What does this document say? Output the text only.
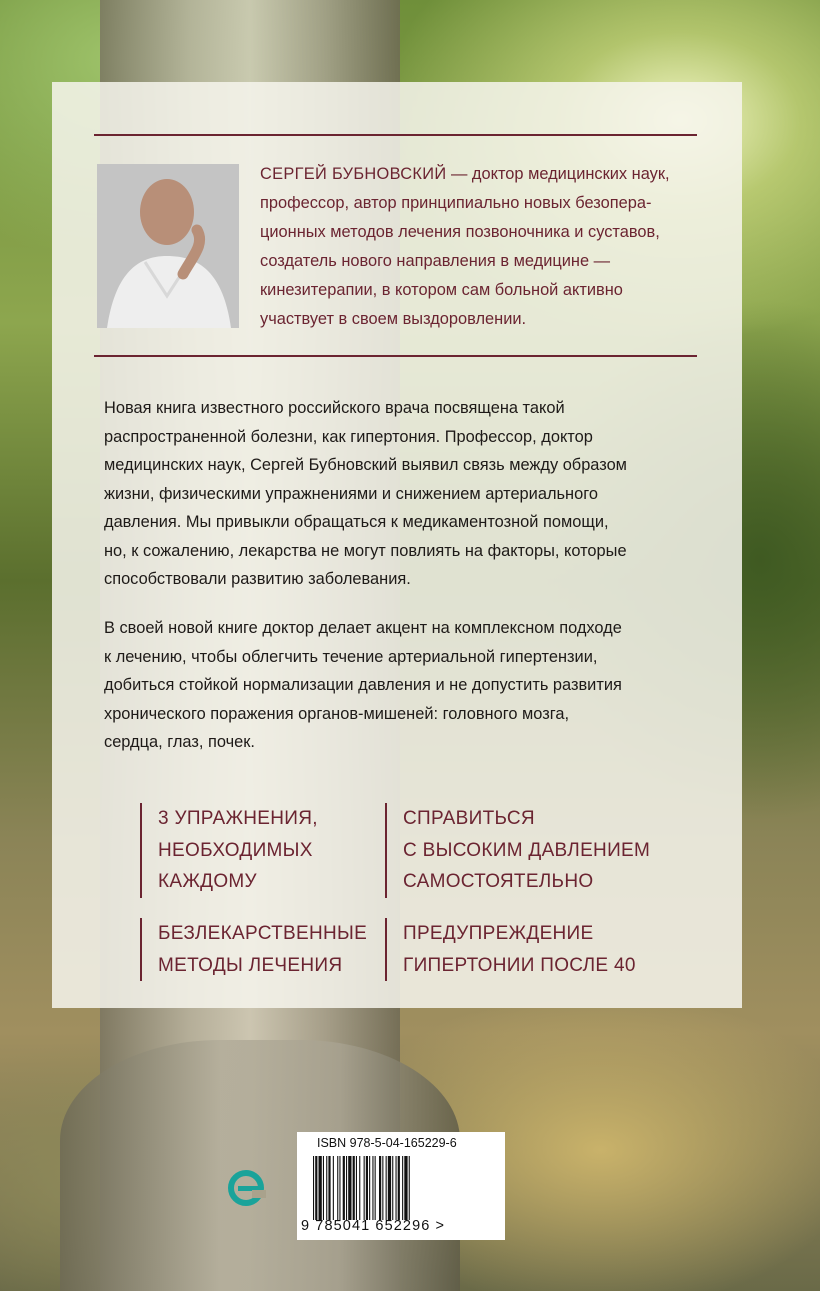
СЕРГЕЙ БУБНОВСКИЙ — доктор медицинских наук,
профессор, автор принципиально новых безопера-
ционных методов лечения позвоночника и суставов,
создатель нового направления в медицине —
кинезитерапии, в котором сам больной активно
участвует в своем выздоровлении.

Новая книга известного российского врача посвящена такой
распространенной болезни, как гипертония. Профессор, доктор
медицинских наук, Сергей Бубновский выявил связь между образом
жизни, физическими упражнениями и снижением артериального
давления. Мы привыкли обращаться к медикаментозной помощи,
но, к сожалению, лекарства не могут повлиять на факторы, которые
способствовали развитию заболевания.

В своей новой книге доктор делает акцент на комплексном подходе
к лечению, чтобы облегчить течение артериальной гипертензии,
добиться стойкой нормализации давления и не допустить развития
хронического поражения органов-мишеней: головного мозга,
сердца, глаз, почек.

3 УПРАЖНЕНИЯ,
НЕОБХОДИМЫХ
КАЖДОМУ

СПРАВИТЬСЯ
С ВЫСОКИМ ДАВЛЕНИЕМ
САМОСТОЯТЕЛЬНО

БЕЗЛЕКАРСТВЕННЫЕ
МЕТОДЫ ЛЕЧЕНИЯ

ПРЕДУПРЕЖДЕНИЕ
ГИПЕРТОНИИ ПОСЛЕ 40

ISBN 978-5-04-165229-6

9 785041 652296 >
